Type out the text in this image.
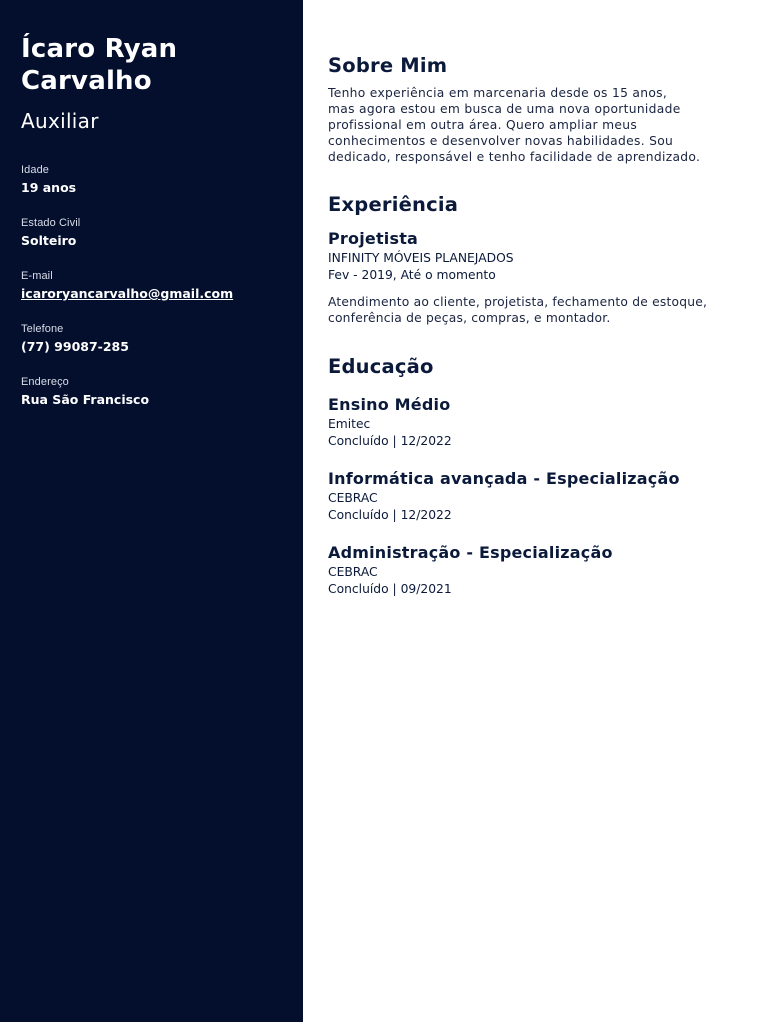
Ícaro Ryan
Carvalho
Auxiliar
Idade
19 anos
Estado Civil
Solteiro
E-mail
icaroryancarvalho@gmail.com
Telefone
(77) 99087-285
Endereço
Rua São Francisco
Sobre Mim
Tenho experiência em marcenaria desde os 15 anos,
mas agora estou em busca de uma nova oportunidade
profissional em outra área. Quero ampliar meus
conhecimentos e desenvolver novas habilidades. Sou
dedicado, responsável e tenho facilidade de aprendizado.
Experiência
Projetista
INFINITY MÓVEIS PLANEJADOS
Fev - 2019, Até o momento
Atendimento ao cliente, projetista, fechamento de estoque,
conferência de peças, compras, e montador.
Educação
Ensino Médio
Emitec
Concluído | 12/2022
Informática avançada - Especialização
CEBRAC
Concluído | 12/2022
Administração - Especialização
CEBRAC
Concluído | 09/2021
